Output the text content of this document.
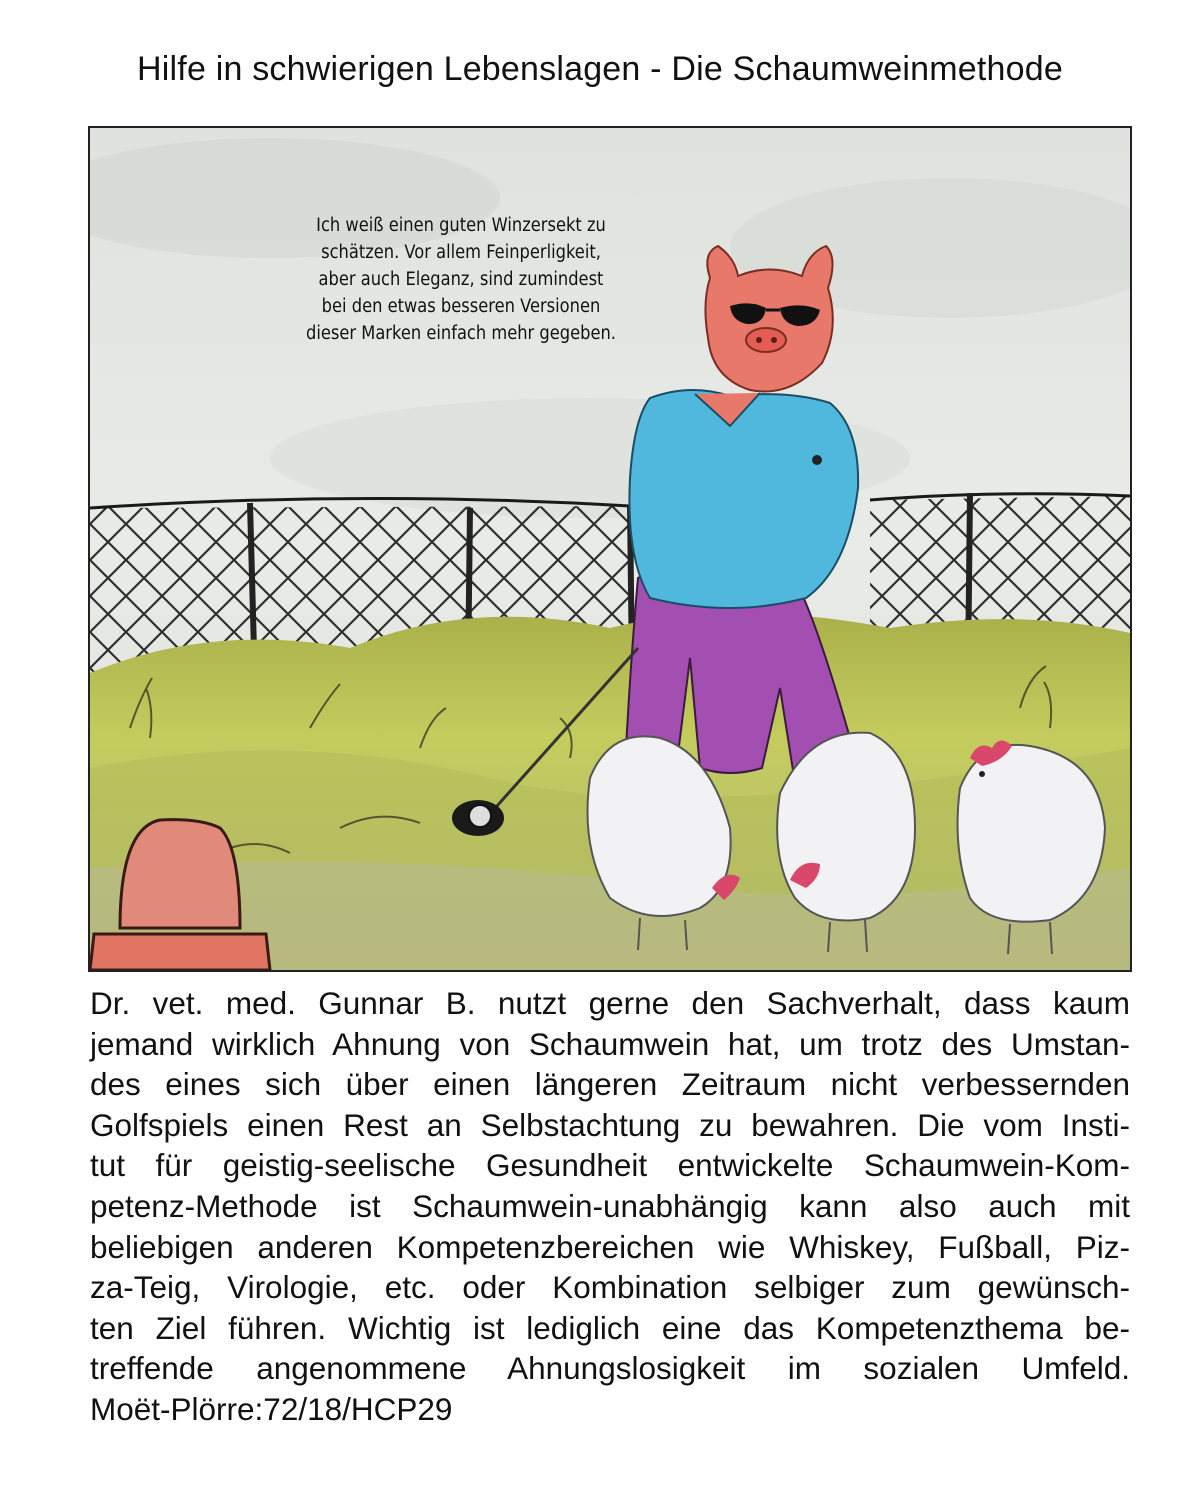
Hilfe in schwierigen Lebenslagen - Die Schaumweinmethode
Ich weiß einen guten Winzersekt zu
schätzen. Vor allem Feinperligkeit,
aber auch Eleganz, sind zumindest
bei den etwas besseren Versionen
dieser Marken einfach mehr gegeben.
Dr. vet. med. Gunnar B. nutzt gerne den Sachverhalt, dass kaum
jemand wirklich Ahnung von Schaumwein hat, um trotz des Umstan-
des eines sich über einen längeren Zeitraum nicht verbessernden
Golfspiels einen Rest an Selbstachtung zu bewahren. Die vom Insti-
tut für geistig-seelische Gesundheit entwickelte Schaumwein-Kom-
petenz-Methode ist Schaumwein-unabhängig kann also auch mit
beliebigen anderen Kompetenzbereichen wie Whiskey, Fußball, Piz-
za-Teig, Virologie, etc. oder Kombination selbiger zum gewünsch-
ten Ziel führen. Wichtig ist lediglich eine das Kompetenzthema be-
treffende angenommene Ahnungslosigkeit im sozialen Umfeld.
Moët-Plörre:72/18/HCP29
